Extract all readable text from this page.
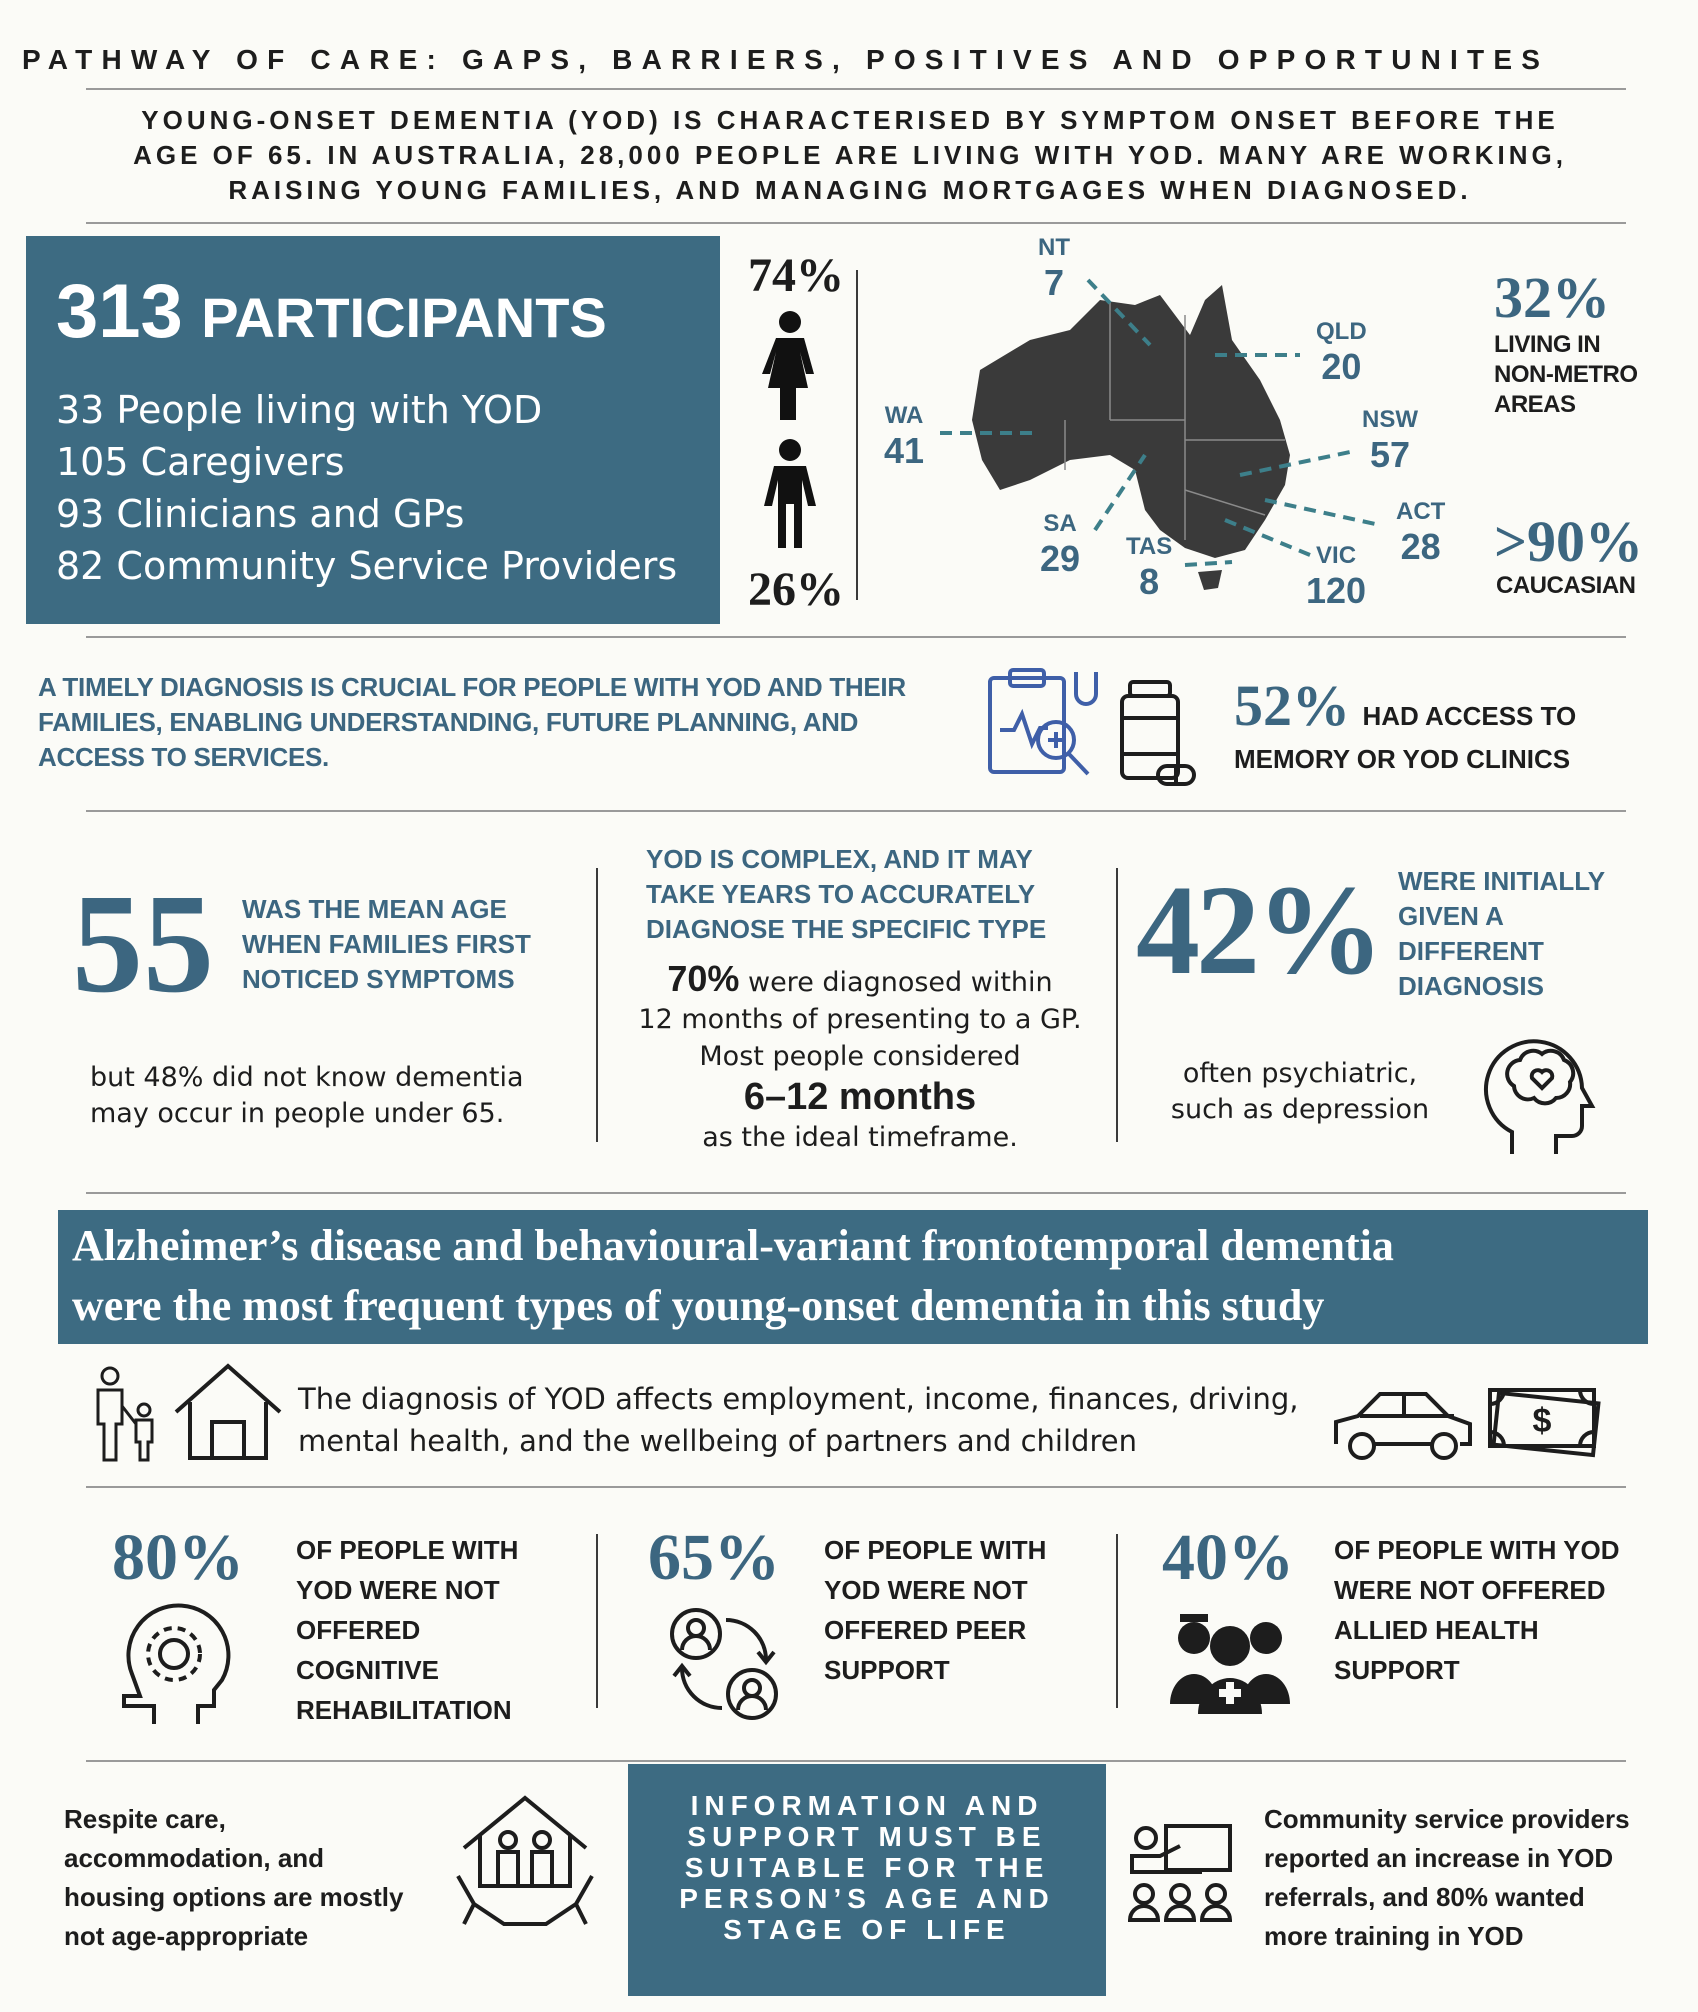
PATHWAY OF CARE: GAPS, BARRIERS, POSITIVES AND OPPORTUNITES
YOUNG-ONSET DEMENTIA (YOD) IS CHARACTERISED BY SYMPTOM ONSET BEFORE THE
AGE OF 65. IN AUSTRALIA, 28,000 PEOPLE ARE LIVING WITH YOD. MANY ARE WORKING,
RAISING YOUNG FAMILIES, AND MANAGING MORTGAGES WHEN DIAGNOSED.
313 PARTICIPANTS
33 People living with YOD
105 Caregivers
93 Clinicians and GPs
82 Community Service Providers
74%
26%
NT
7
QLD
20
WA
41
NSW
57
ACT
28
SA
29 TAS
8
VIC
120
32%
LIVING IN
NON-METRO
AREAS
>90%
CAUCASIAN
A TIMELY DIAGNOSIS IS CRUCIAL FOR PEOPLE WITH YOD AND THEIR
FAMILIES, ENABLING UNDERSTANDING, FUTURE PLANNING, AND
ACCESS TO SERVICES.
52% HAD ACCESS TO
MEMORY OR YOD CLINICS
55 WAS THE MEAN AGE
WHEN FAMILIES FIRST
NOTICED SYMPTOMS
but 48% did not know dementia
may occur in people under 65.
YOD IS COMPLEX, AND IT MAY
TAKE YEARS TO ACCURATELY
DIAGNOSE THE SPECIFIC TYPE
70% were diagnosed within
12 months of presenting to a GP.
Most people considered
6–12 months
as the ideal timeframe.
42% WERE INITIALLY
GIVEN A
DIFFERENT
DIAGNOSIS
often psychiatric,
such as depression
Alzheimer’s disease and behavioural-variant frontotemporal dementia
were the most frequent types of young-onset dementia in this study
The diagnosis of YOD affects employment, income, finances, driving,
mental health, and the wellbeing of partners and children
$
80% OF PEOPLE WITH
YOD WERE NOT
OFFERED
COGNITIVE
REHABILITATION
65% OF PEOPLE WITH
YOD WERE NOT
OFFERED PEER
SUPPORT
40% OF PEOPLE WITH YOD
WERE NOT OFFERED
ALLIED HEALTH
SUPPORT
Respite care,
accommodation, and
housing options are mostly
not age-appropriate
INFORMATION AND
SUPPORT MUST BE
SUITABLE FOR THE
PERSON’S AGE AND
STAGE OF LIFE
Community service providers
reported an increase in YOD
referrals, and 80% wanted
more training in YOD
